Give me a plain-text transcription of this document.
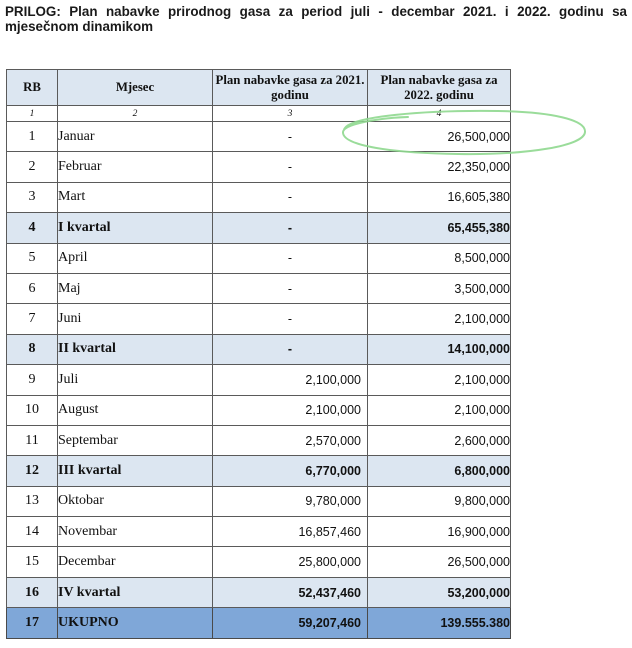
PRILOG: Plan nabavke prirodnog gasa za period juli - decembar 2021. i 2022. godinu sa mjesečnom dinamikom
RB	Mjesec	Plan nabavke gasa za 2021. godinu	Plan nabavke gasa za 2022. godinu
1	2	3	4
1	Januar	-	26,500,000
2	Februar	-	22,350,000
3	Mart	-	16,605,380
4	I kvartal	-	65,455,380
5	April	-	8,500,000
6	Maj	-	3,500,000
7	Juni	-	2,100,000
8	II kvartal	-	14,100,000
9	Juli	2,100,000	2,100,000
10	August	2,100,000	2,100,000
11	Septembar	2,570,000	2,600,000
12	III kvartal	6,770,000	6,800,000
13	Oktobar	9,780,000	9,800,000
14	Novembar	16,857,460	16,900,000
15	Decembar	25,800,000	26,500,000
16	IV kvartal	52,437,460	53,200,000
17	UKUPNO	59,207,460	139.555.380
